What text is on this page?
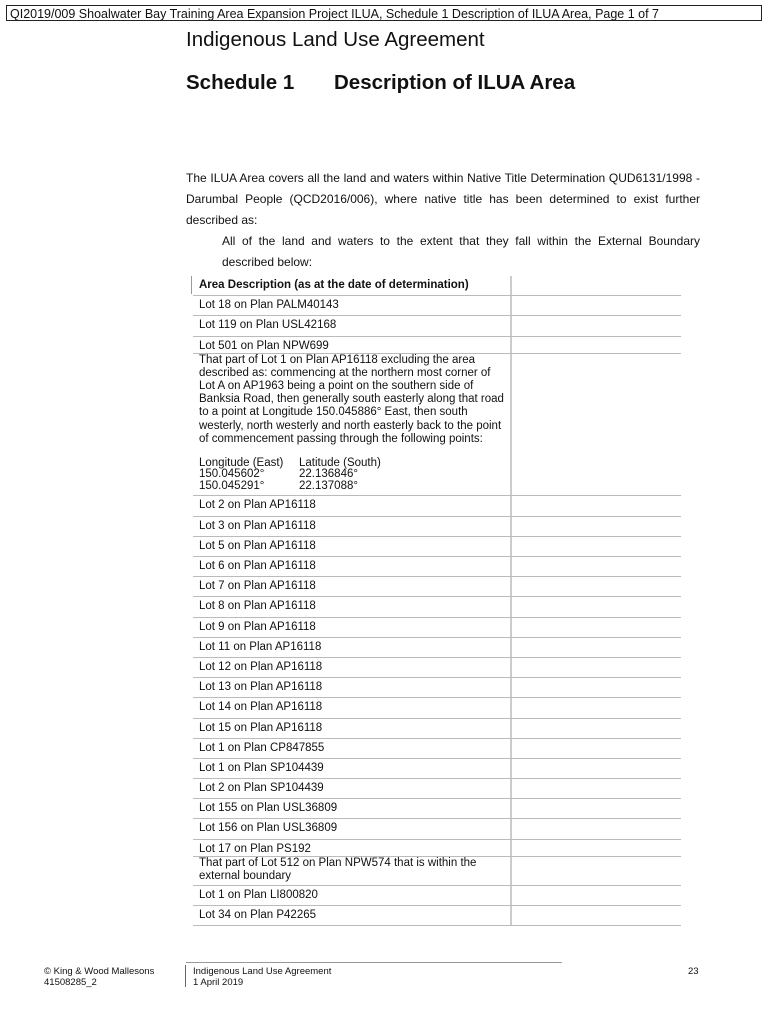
QI2019/009 Shoalwater Bay Training Area Expansion Project ILUA, Schedule 1 Description of ILUA Area, Page 1 of 7
Indigenous Land Use Agreement
Schedule 1 Description of ILUA Area

The ILUA Area covers all the land and waters within Native Title Determination QUD6131/1998 - Darumbal People (QCD2016/006), where native title has been determined to exist further described as:

All of the land and waters to the extent that they fall within the External Boundary described below:

Area Description (as at the date of determination)
Lot 18 on Plan PALM40143
Lot 119 on Plan USL42168
Lot 501 on Plan NPW699
That part of Lot 1 on Plan AP16118 excluding the area described as: commencing at the northern most corner of Lot A on AP1963 being a point on the southern side of Banksia Road, then generally south easterly along that road to a point at Longitude 150.045886° East, then south westerly, north westerly and north easterly back to the point of commencement passing through the following points:
Longitude (East)	Latitude (South)
150.045602°	22.136846°
150.045291°	22.137088°
Lot 2 on Plan AP16118
Lot 3 on Plan AP16118
Lot 5 on Plan AP16118
Lot 6 on Plan AP16118
Lot 7 on Plan AP16118
Lot 8 on Plan AP16118
Lot 9 on Plan AP16118
Lot 11 on Plan AP16118
Lot 12 on Plan AP16118
Lot 13 on Plan AP16118
Lot 14 on Plan AP16118
Lot 15 on Plan AP16118
Lot 1 on Plan CP847855
Lot 1 on Plan SP104439
Lot 2 on Plan SP104439
Lot 155 on Plan USL36809
Lot 156 on Plan USL36809
Lot 17 on Plan PS192
That part of Lot 512 on Plan NPW574 that is within the external boundary
Lot 1 on Plan LI800820
Lot 34 on Plan P42265
© King & Wood Mallesons
41508285_2
Indigenous Land Use Agreement
1 April 2019
23
